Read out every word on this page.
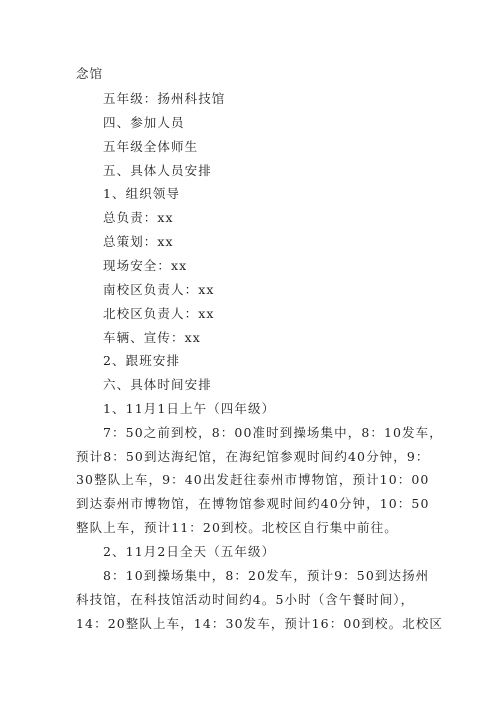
念馆
五年级：扬州科技馆
四、参加人员
五年级全体师生
五、具体人员安排
1、组织领导
总负责：xx
总策划：xx
现场安全：xx
南校区负责人：xx
北校区负责人：xx
车辆、宣传：xx
2、跟班安排
六、具体时间安排
1、11月1日上午（四年级）
7：50之前到校，8：00准时到操场集中，8：10发车，
预计8：50到达海纪馆，在海纪馆参观时间约40分钟，9：
30整队上车，9：40出发赶往泰州市博物馆，预计10：00
到达泰州市博物馆，在博物馆参观时间约40分钟，10：50
整队上车，预计11：20到校。北校区自行集中前往。
2、11月2日全天（五年级）
8：10到操场集中，8：20发车，预计9：50到达扬州
科技馆，在科技馆活动时间约4。5小时（含午餐时间），
14：20整队上车，14：30发车，预计16：00到校。北校区
